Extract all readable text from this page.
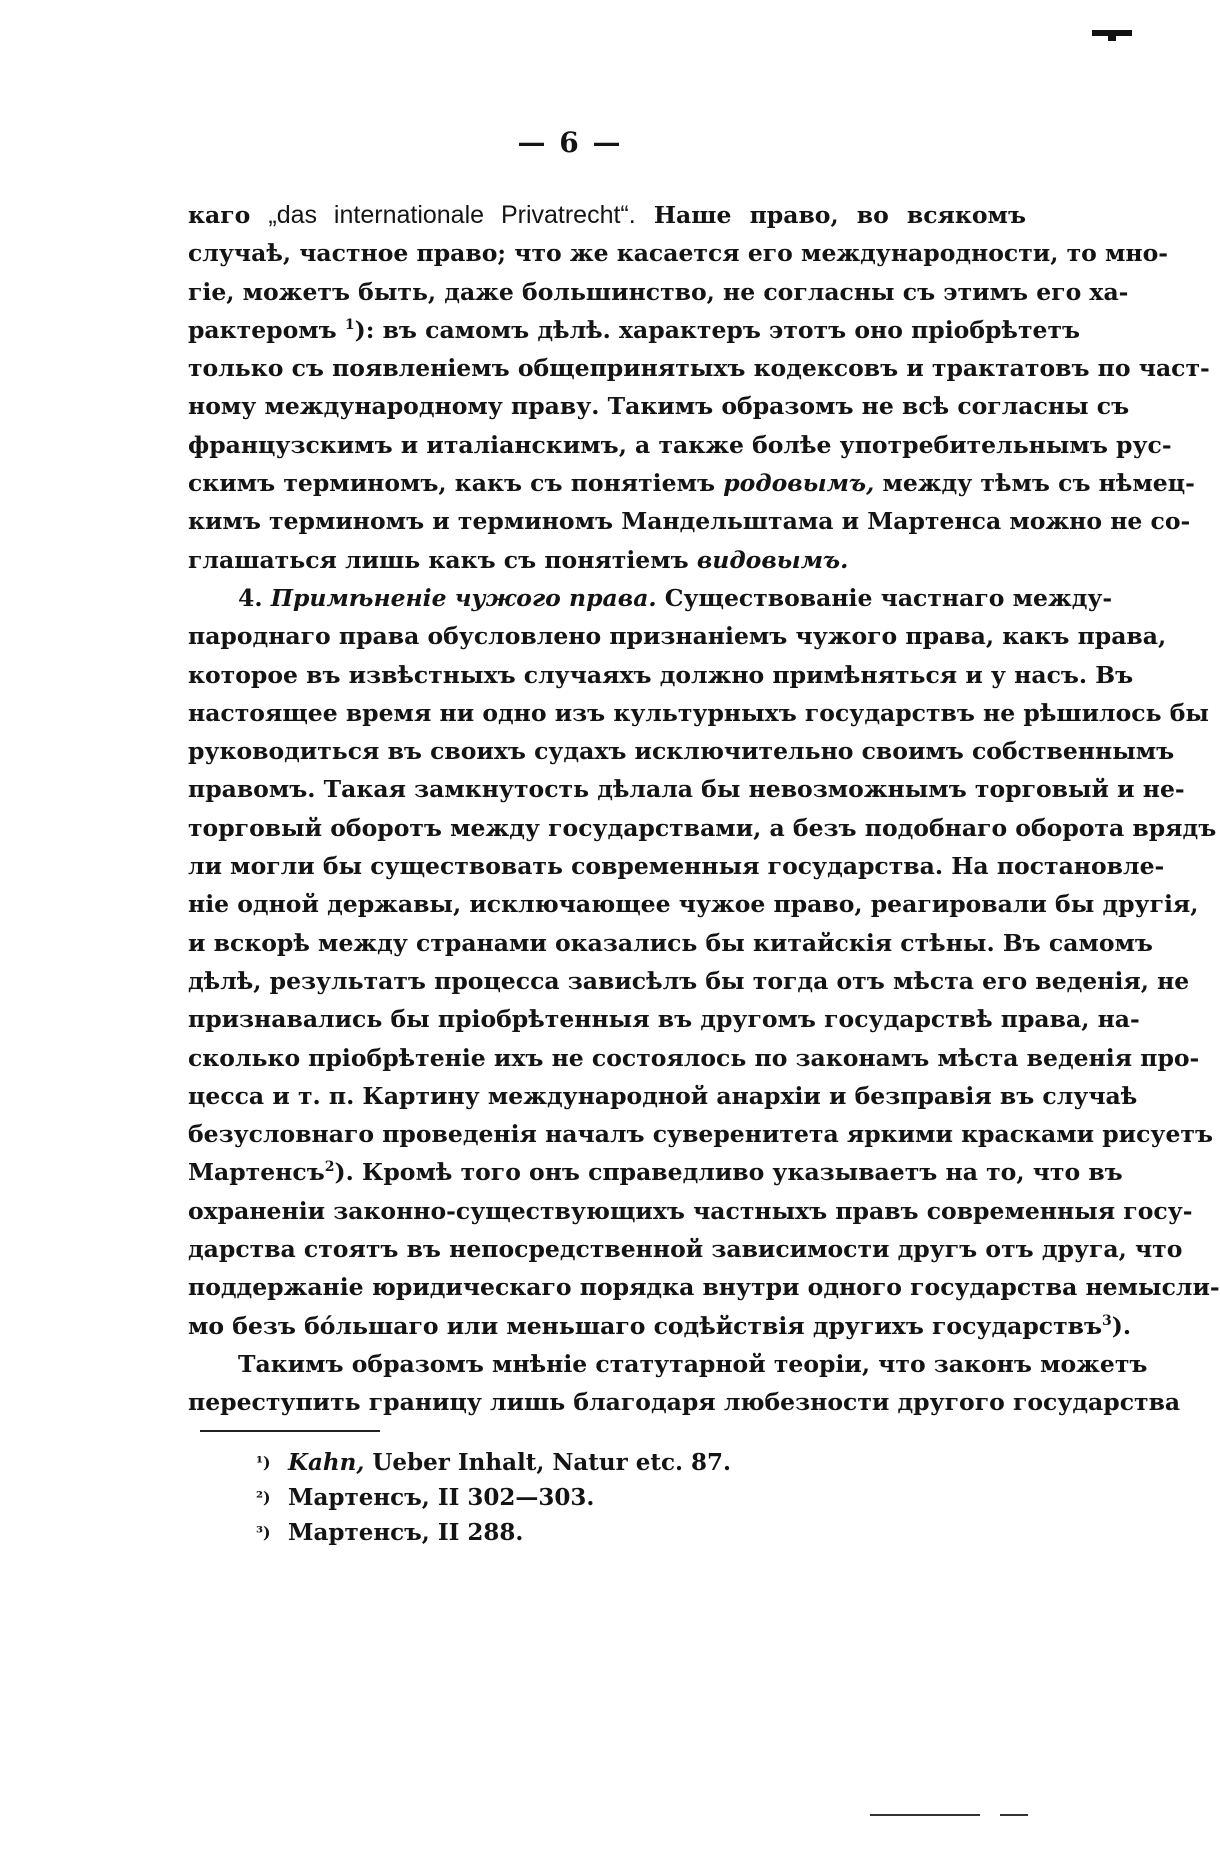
— 6 —

каго „das internationale Privatrecht“. Наше право, во всякомъ
случаѣ, частное право; что же касается его международности, то мно-
гіе, можетъ быть, даже большинство, не согласны съ этимъ его ха-
рактеромъ $^1$): въ самомъ дѣлѣ. характеръ этотъ оно пріобрѣтетъ
только съ появленіемъ общепринятыхъ кодексовъ и трактатовъ по част-
ному международному праву. Такимъ образомъ не всѣ согласны съ
французскимъ и италіанскимъ, а также болѣе употребительнымъ рус-
скимъ терминомъ, какъ съ понятіемъ родовымъ, между тѣмъ съ нѣмец-
кимъ терминомъ и терминомъ Мандельштама и Мартенса можно не со-
глашаться лишь какъ съ понятіемъ видовымъ.

4. Примѣненіе чужого права. Существованіе частнаго между-
пароднаго права обусловлено признаніемъ чужого права, какъ права,
которое въ извѣстныхъ случаяхъ должно примѣняться и у насъ. Въ
настоящее время ни одно изъ культурныхъ государствъ не рѣшилось бы
руководиться въ своихъ судахъ исключительно своимъ собственнымъ
правомъ. Такая замкнутость дѣлала бы невозможнымъ торговый и не-
торговый оборотъ между государствами, а безъ подобнаго оборота врядъ
ли могли бы существовать современныя государства. На постановле-
ніе одной державы, исключающее чужое право, реагировали бы другія,
и вскорѣ между странами оказались бы китайскія стѣны. Въ самомъ
дѣлѣ, результатъ процесса зависѣлъ бы тогда отъ мѣста его веденія, не
признавались бы пріобрѣтенныя въ другомъ государствѣ права, на-
сколько пріобрѣтеніе ихъ не состоялось по законамъ мѣста веденія про-
цесса и т. п. Картину международной анархіи и безправія въ случаѣ
безусловнаго проведенія началъ суверенитета яркими красками рисуетъ
Мартенсъ$^2$). Кромѣ того онъ справедливо указываетъ на то, что въ
охраненіи законно-существующихъ частныхъ правъ современныя госу-
дарства стоятъ въ непосредственной зависимости другъ отъ друга, что
поддержаніе юридическаго порядка внутри одного государства немысли-
мо безъ бо́льшаго или меньшаго содѣйствія другихъ государствъ$^3$).

Такимъ образомъ мнѣніе статутарной теоріи, что законъ можетъ
переступить границу лишь благодаря любезности другого государства

¹) Kahn, Ueber Inhalt, Natur etc. 87.
²) Мартенсъ, II 302—303.
³) Мартенсъ, II 288.
